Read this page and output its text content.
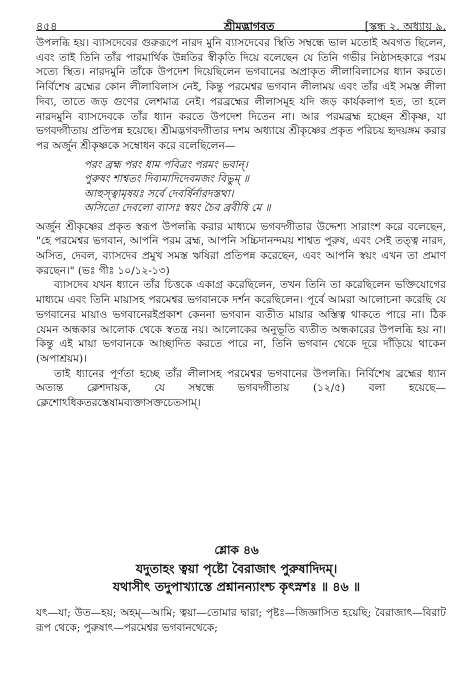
৪৫৪	শ্রীমদ্ভাগবত	[স্কন্ধ ২, অধ্যায় ৯,

উপলব্ধি হয়। ব্যাসদেবের গুরুরূপে নারদ মুনি ব্যাসদেবের স্থিতি সম্বন্ধে ভাল মতোই অবগত ছিলেন, এবং তাই তিনি তাঁর পারমার্থিক উন্নতির স্বীকৃতি দিয়ে বলেছেন যে তিনি গভীর নিষ্ঠাসহকারে পরম সত্যে স্থিত। নারদমুনি তাঁকে উপদেশ দিয়েছিলেন ভগবানের অপ্রাকৃত লীলাবিলাসের ধ্যান করতে। নির্বিশেষ ব্রহ্মের কোন লীলাবিলাস নেই, কিন্তু পরমেশ্বর ভগবান লীলাময় এবং তাঁর এই সমস্ত লীলা দিব্য, তাতে জড় গুণের লেশমাত্র নেই। পরব্রহ্মের লীলাসমূহ যদি জড় কার্যকলাপ হত, তা হলে নারদমুনি ব্যাসদেবকে তাঁর ধ্যান করতে উপদেশ দিতেন না। আর পরমব্রহ্ম হচ্ছেন শ্রীকৃষ্ণ, যা ভগবদ্গীতায় প্রতিপন্ন হয়েছে। শ্রীমদ্ভগবদ্গীতার দশম অধ্যায়ে শ্রীকৃষ্ণের প্রকৃত পরিচয় হৃদয়ঙ্গম করার পর অর্জুন শ্রীকৃষ্ণকে সম্বোধন করে বলেছিলেন—

পরং ব্রহ্ম পরং ধাম পবিত্রং পরমং ভবান্।
পুরুষং শাশ্বতং দিব্যমাদিদেবমজং বিভুম্ ॥
আহুস্ত্বামৃষয়ঃ সর্বে দেবর্ষির্নারদস্তথা।
অসিতো দেবলো ব্যাসঃ স্বয়ং চৈব ব্রবীষি মে ॥

অর্জুন শ্রীকৃষ্ণের প্রকৃত স্বরূপ উপলব্ধি করার মাধ্যমে ভগবদ্গীতার উদ্দেশ্য সারাংশ করে বলেছেন, "হে পরমেশ্বর ভগবান, আপনি পরম ব্রহ্ম, আপনি সচ্চিদানন্দময় শাশ্বত পুরুষ, এবং সেই তত্ত্ব নারদ, অসিত, দেবল, ব্যাসদেব প্রমুখ সমস্ত ঋষিরা প্রতিপন্ন করেছেন, এবং আপনি স্বয়ং এখন তা প্রমাণ করছেন।" (ভঃ গীঃ ১০/১২-১৩)

ব্যাসদেব যখন ধ্যানে তাঁর চিত্তকে একাগ্র করেছিলেন, তখন তিনি তা করেছিলেন ভক্তিযোগের মাধ্যমে এবং তিনি মায়াসহ পরমেশ্বর ভগবানকে দর্শন করেছিলেন। পূর্বে আমরা আলোচনা করেছি যে ভগবানের মায়াও ভগবানেরইপ্রকাশ কেননা ভগবান ব্যতীত মায়ার অস্তিত্ব থাকতে পারে না। ঠিক যেমন অন্ধকার আলোক থেকে স্বতন্ত্র নয়। আলোকের অনুভূতি ব্যতীত অন্ধকারের উপলব্ধি হয় না। কিন্তু এই মায়া ভগবানকে আচ্ছাদিত করতে পারে না, তিনি ভগবান থেকে দূরে দাঁড়িয়ে থাকেন (অপাশ্রয়ম)।

তাই ধ্যানের পূর্ণতা হচ্ছে তাঁর লীলাসহ পরমেশ্বর ভগবানের উপলব্ধি। নির্বিশেষ ব্রহ্মের ধ্যান অত্যন্ত ক্লেশদায়ক, যে সম্বন্ধে ভগবদ্গীতায় (১২/৫) বলা হয়েছে— ক্লেশোঽধিকতরস্তেষামব্যক্তাসক্তচেতসাম্।

শ্লোক ৪৬
যদুতাহং ত্বয়া পৃষ্টো বৈরাজাৎ পুরুষাদিদম্।
যথাসীৎ তদুপাখ্যাস্তে প্রশ্নানন্যাংশ্চ কৃৎস্নশঃ ॥ ৪৬ ॥
যৎ—যা; উত—হয়; অহম্—আমি; ত্বয়া—তোমার দ্বারা; পৃষ্টঃ—জিজ্ঞাসিত হয়েছি; বৈরাজাৎ—বিরাট রূপ থেকে; পুরুষাৎ—পরমেশ্বর ভগবানথেকে;
